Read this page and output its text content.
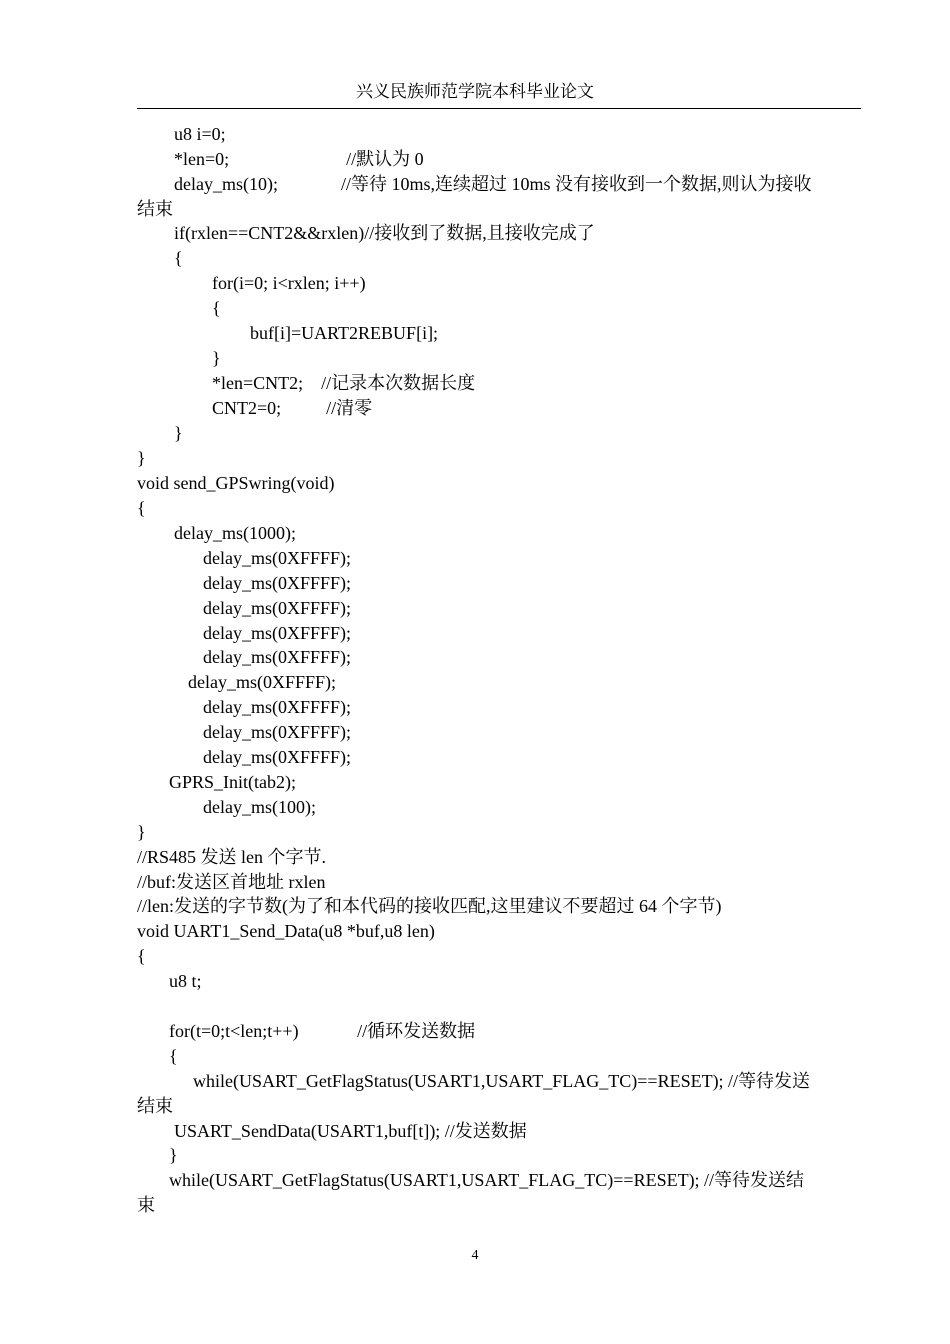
兴义民族师范学院本科毕业论文
u8 i=0;
*len=0;                          //默认为 0
delay_ms(10);              //等待 10ms,连续超过 10ms 没有接收到一个数据,则认为接收
结束
if(rxlen==CNT2&&rxlen)//接收到了数据,且接收完成了
{
for(i=0; i<rxlen; i++)
{
buf[i]=UART2REBUF[i];
}
*len=CNT2;    //记录本次数据长度
CNT2=0;          //清零
}
}
void send_GPSwring(void)
{
delay_ms(1000);
delay_ms(0XFFFF);
delay_ms(0XFFFF);
delay_ms(0XFFFF);
delay_ms(0XFFFF);
delay_ms(0XFFFF);
delay_ms(0XFFFF);
delay_ms(0XFFFF);
delay_ms(0XFFFF);
delay_ms(0XFFFF);
GPRS_Init(tab2);
delay_ms(100);
}
//RS485 发送 len 个字节.
//buf:发送区首地址 rxlen
//len:发送的字节数(为了和本代码的接收匹配,这里建议不要超过 64 个字节)
void UART1_Send_Data(u8 *buf,u8 len)
{
u8 t;
for(t=0;t<len;t++)             //循环发送数据
{
while(USART_GetFlagStatus(USART1,USART_FLAG_TC)==RESET); //等待发送
结束
USART_SendData(USART1,buf[t]); //发送数据
}
while(USART_GetFlagStatus(USART1,USART_FLAG_TC)==RESET); //等待发送结
束
4
